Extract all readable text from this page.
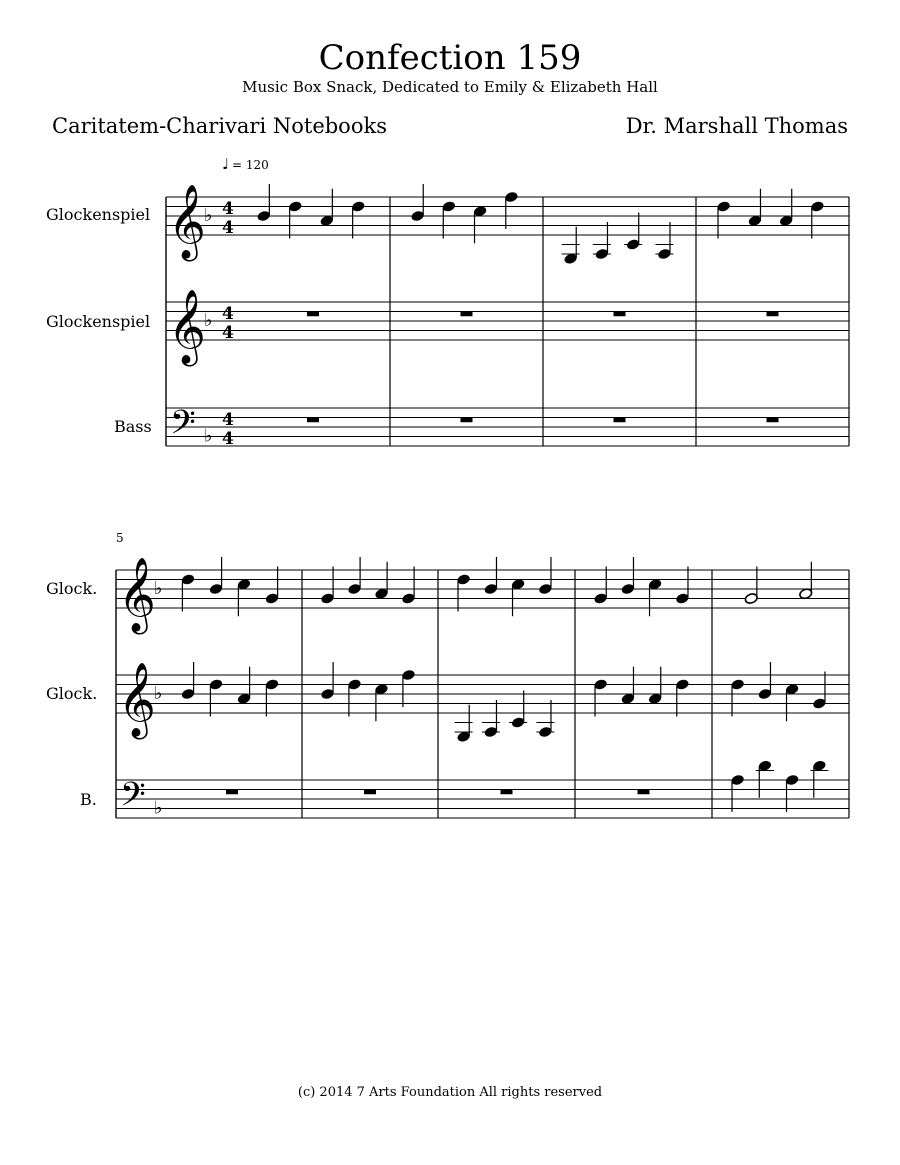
Confection 159
Music Box Snack, Dedicated to Emily & Elizabeth Hall
Caritatem-Charivari Notebooks	Dr. Marshall Thomas
♩ = 120
Glockenspiel
Glockenspiel
Bass
5
Glock.
Glock.
B.
𝄞
♭ 4
4
𝄞
♭ 4
4
𝄢 ♭
4
4
𝄞
♭
𝄞
♭
𝄢 ♭
(c) 2014 7 Arts Foundation All rights reserved
